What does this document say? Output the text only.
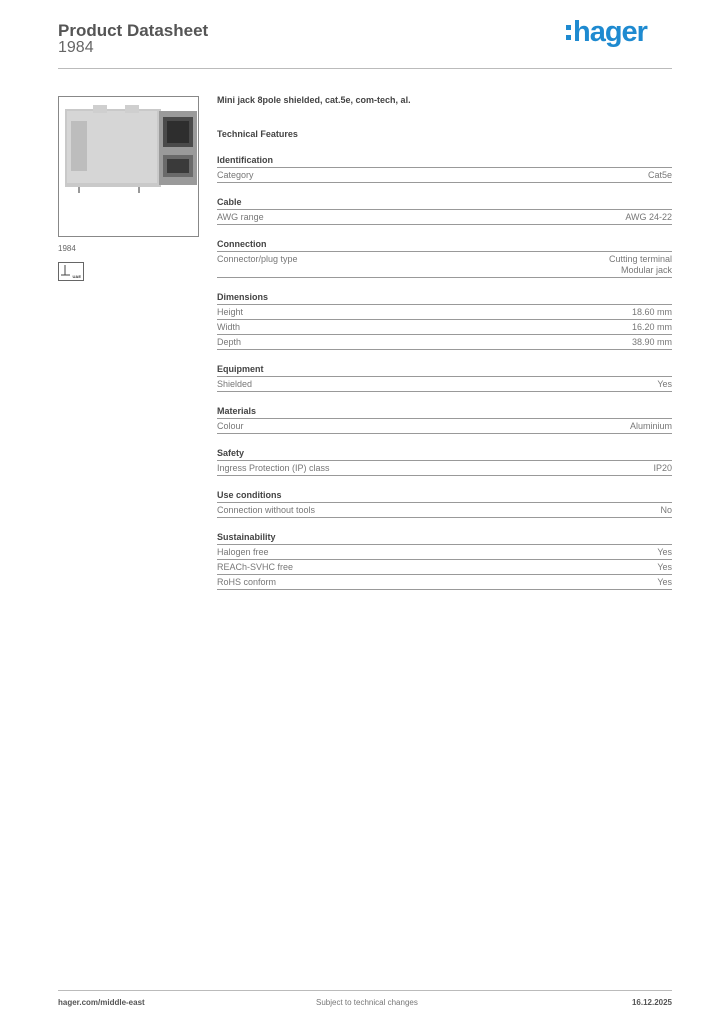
Product Datasheet
1984	hager
1984
UAE
Mini jack 8pole shielded, cat.5e, com-tech, al.
Technical Features
Identification
Category	Cat5e
Cable
AWG range	AWG 24-22
Connection
Connector/plug type	Cutting terminal
Modular jack
Dimensions
Height	18.60 mm
Width	16.20 mm
Depth	38.90 mm
Equipment
Shielded	Yes
Materials
Colour	Aluminium
Safety
Ingress Protection (IP) class	IP20
Use conditions
Connection without tools	No
Sustainability
Halogen free	Yes
REACh-SVHC free	Yes
RoHS conform	Yes
hager.com/middle-east	Subject to technical changes	16.12.2025
